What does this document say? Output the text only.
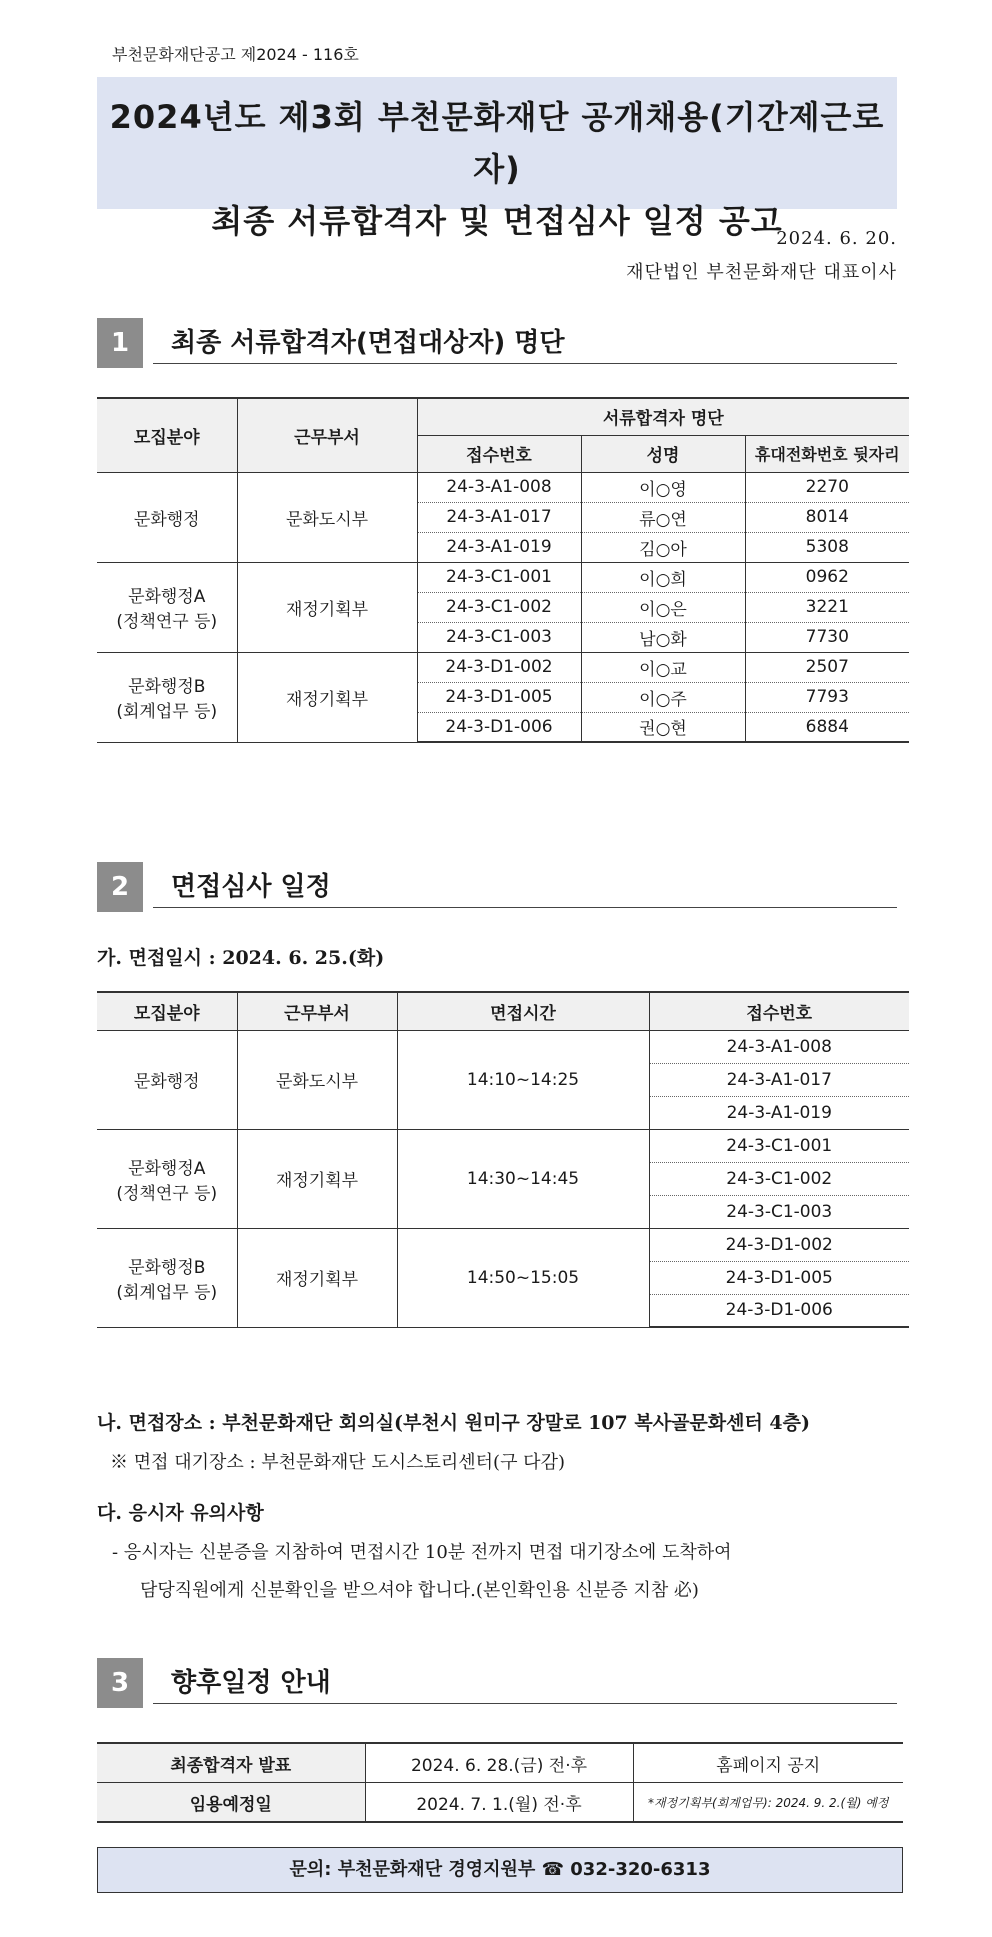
부천문화재단공고 제2024 - 116호
2024년도 제3회 부천문화재단 공개채용(기간제근로자)
최종 서류합격자 및 면접심사 일정 공고
2024. 6. 20.
재단법인 부천문화재단 대표이사
1	최종 서류합격자(면접대상자) 명단
모집분야	근무부서	서류합격자 명단		
		접수번호	성명	휴대전화번호 뒷자리

문화행정	문화도시부	24-3-A1-008	이○영	2270
		24-3-A1-017	류○연	8014
		24-3-A1-019	김○아	5308

문화행정A
(정책연구 등)	재정기획부	24-3-C1-001	이○희	0962
		24-3-C1-002	이○은	3221
		24-3-C1-003	남○화	7730

문화행정B
(회계업무 등)	재정기획부	24-3-D1-002	이○교	2507
		24-3-D1-005	이○주	7793
		24-3-D1-006	권○현	6884
2	면접심사 일정
가. 면접일시 : 2024. 6. 25.(화)
모집분야	근무부서	면접시간	접수번호

문화행정	문화도시부	14:10~14:25	24-3-A1-008
			24-3-A1-017
			24-3-A1-019

문화행정A
(정책연구 등)	재정기획부	14:30~14:45	24-3-C1-001
			24-3-C1-002
			24-3-C1-003

문화행정B
(회계업무 등)	재정기획부	14:50~15:05	24-3-D1-002
			24-3-D1-005
			24-3-D1-006
나. 면접장소 : 부천문화재단 회의실(부천시 원미구 장말로 107 복사골문화센터 4층)
※ 면접 대기장소 : 부천문화재단 도시스토리센터(구 다감)
다. 응시자 유의사항
- 응시자는 신분증을 지참하여 면접시간 10분 전까지 면접 대기장소에 도착하여
담당직원에게 신분확인을 받으셔야 합니다.(본인확인용 신분증 지참 必)
3	향후일정 안내
최종합격자 발표	2024. 6. 28.(금) 전·후	홈페이지 공지
임용예정일	2024. 7. 1.(월) 전·후	*재정기획부(회계업무): 2024. 9. 2.(월) 예정
문의: 부천문화재단 경영지원부 ☎ 032-320-6313
